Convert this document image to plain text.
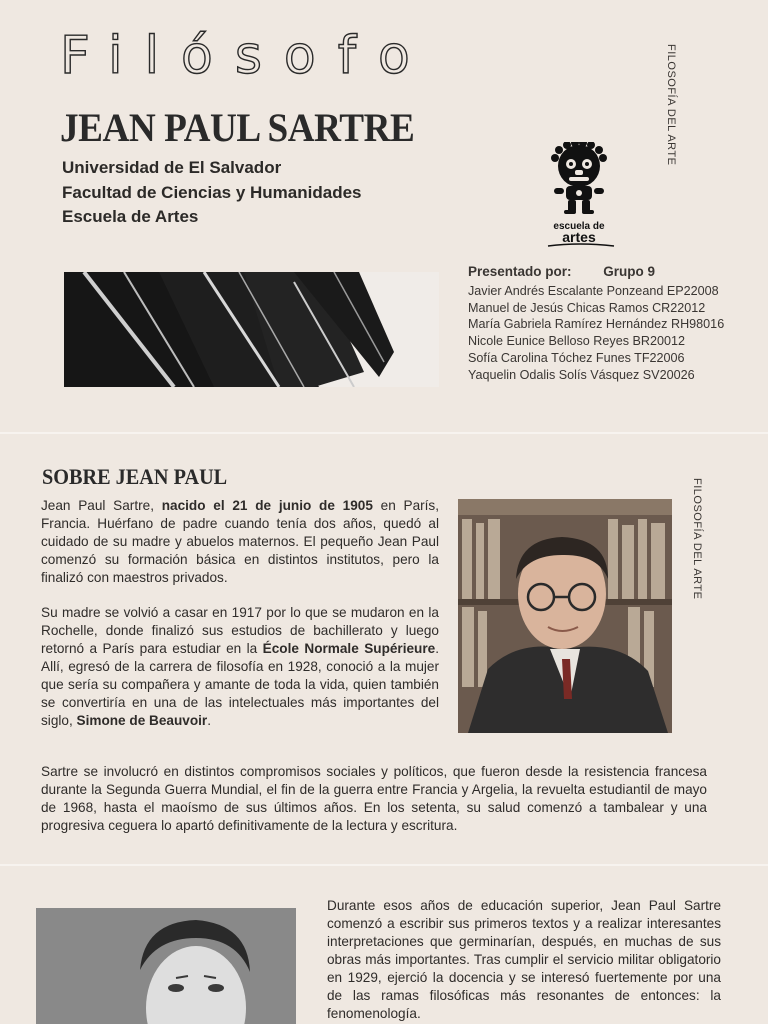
Filósofo
JEAN PAUL SARTRE
Universidad de El Salvador
Facultad de Ciencias y Humanidades
Escuela de Artes
FILOSOFÍA DEL ARTE
escuela de
artes
Presentado por: Grupo 9
Javier Andrés Escalante Ponzeand EP22008
Manuel de Jesús Chicas Ramos CR22012
María Gabriela Ramírez Hernández RH98016
Nicole Eunice Belloso Reyes BR20012
Sofía Carolina Tóchez Funes TF22006
Yaquelin Odalis Solís Vásquez SV20026
SOBRE JEAN PAUL
FILOSOFÍA DEL ARTE
Jean Paul Sartre, nacido el 21 de junio de 1905 en París, Francia. Huérfano de padre cuando tenía dos años, quedó al cuidado de su madre y abuelos maternos. El pequeño Jean Paul comenzó su formación básica en distintos institutos, pero la finalizó con maestros privados.
Su madre se volvió a casar en 1917 por lo que se mudaron en la Rochelle, donde finalizó sus estudios de bachillerato y luego retornó a París para estudiar en la École Normale Supérieure. Allí, egresó de la carrera de filosofía en 1928, conoció a la mujer que sería su compañera y amante de toda la vida, quien también se convertiría en una de las intelectuales más importantes del siglo, Simone de Beauvoir.
Sartre se involucró en distintos compromisos sociales y políticos, que fueron desde la resistencia francesa durante la Segunda Guerra Mundial, el fin de la guerra entre Francia y Argelia, la revuelta estudiantil de mayo de 1968, hasta el maoísmo de sus últimos años. En los setenta, su salud comenzó a tambalear y una progresiva ceguera lo apartó definitivamente de la lectura y escritura.
Durante esos años de educación superior, Jean Paul Sartre comenzó a escribir sus primeros textos y a realizar interesantes interpretaciones que germinarían, después, en muchas de sus obras más importantes. Tras cumplir el servicio militar obligatorio en 1929, ejerció la docencia y se interesó fuertemente por una de las ramas filosóficas más resonantes de entonces: la fenomenología.
